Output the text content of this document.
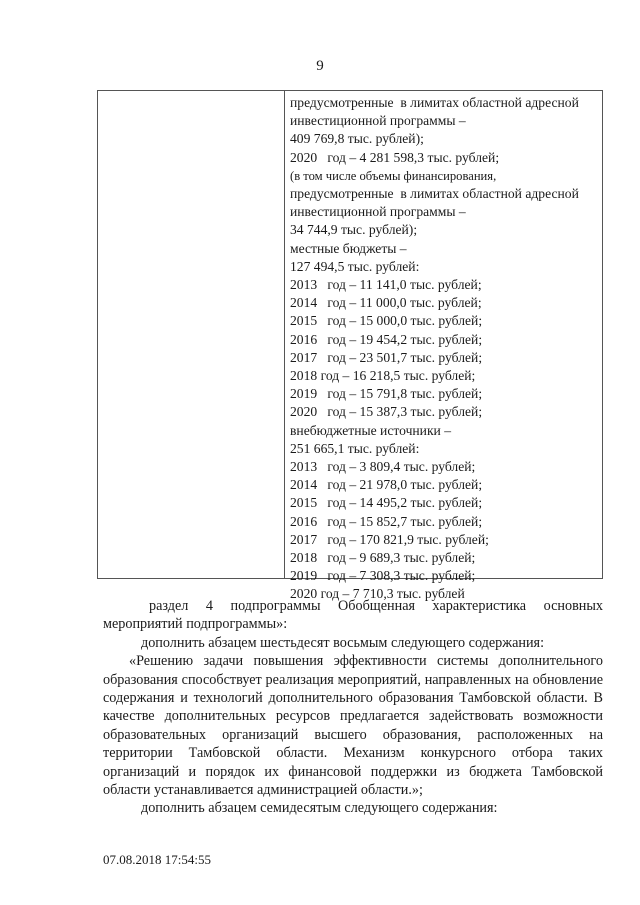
9
предусмотренные  в лимитах областной адресной
инвестиционной программы –
409 769,8 тыс. рублей);
2020   год – 4 281 598,3 тыс. рублей;
(в том числе объемы финансирования,
предусмотренные  в лимитах областной адресной
инвестиционной программы –
34 744,9 тыс. рублей);
местные бюджеты –
127 494,5 тыс. рублей:
2013   год – 11 141,0 тыс. рублей;
2014   год – 11 000,0 тыс. рублей;
2015   год – 15 000,0 тыс. рублей;
2016   год – 19 454,2 тыс. рублей;
2017   год – 23 501,7 тыс. рублей;
2018 год – 16 218,5 тыс. рублей;
2019   год – 15 791,8 тыс. рублей;
2020   год – 15 387,3 тыс. рублей;
внебюджетные источники –
251 665,1 тыс. рублей:
2013   год – 3 809,4 тыс. рублей;
2014   год – 21 978,0 тыс. рублей;
2015   год – 14 495,2 тыс. рублей;
2016   год – 15 852,7 тыс. рублей;
2017   год – 170 821,9 тыс. рублей;
2018   год – 9 689,3 тыс. рублей;
2019   год – 7 308,3 тыс. рублей;
2020 год – 7 710,3 тыс. рублей

раздел 4 подпрограммы Обобщенная характеристика основных мероприятий подпрограммы»:

дополнить абзацем шестьдесят восьмым следующего содержания:

«Решению задачи повышения эффективности системы дополнительного образования способствует реализация мероприятий, направленных на обновление содержания и технологий дополнительного образования Тамбовской области. В качестве дополнительных ресурсов предлагается задействовать возможности образовательных организаций высшего образования, расположенных на территории Тамбовской области. Механизм конкурсного отбора таких организаций и порядок их финансовой поддержки из бюджета Тамбовской области устанавливается администрацией области.»;

дополнить абзацем семидесятым следующего содержания:

07.08.2018 17:54:55
